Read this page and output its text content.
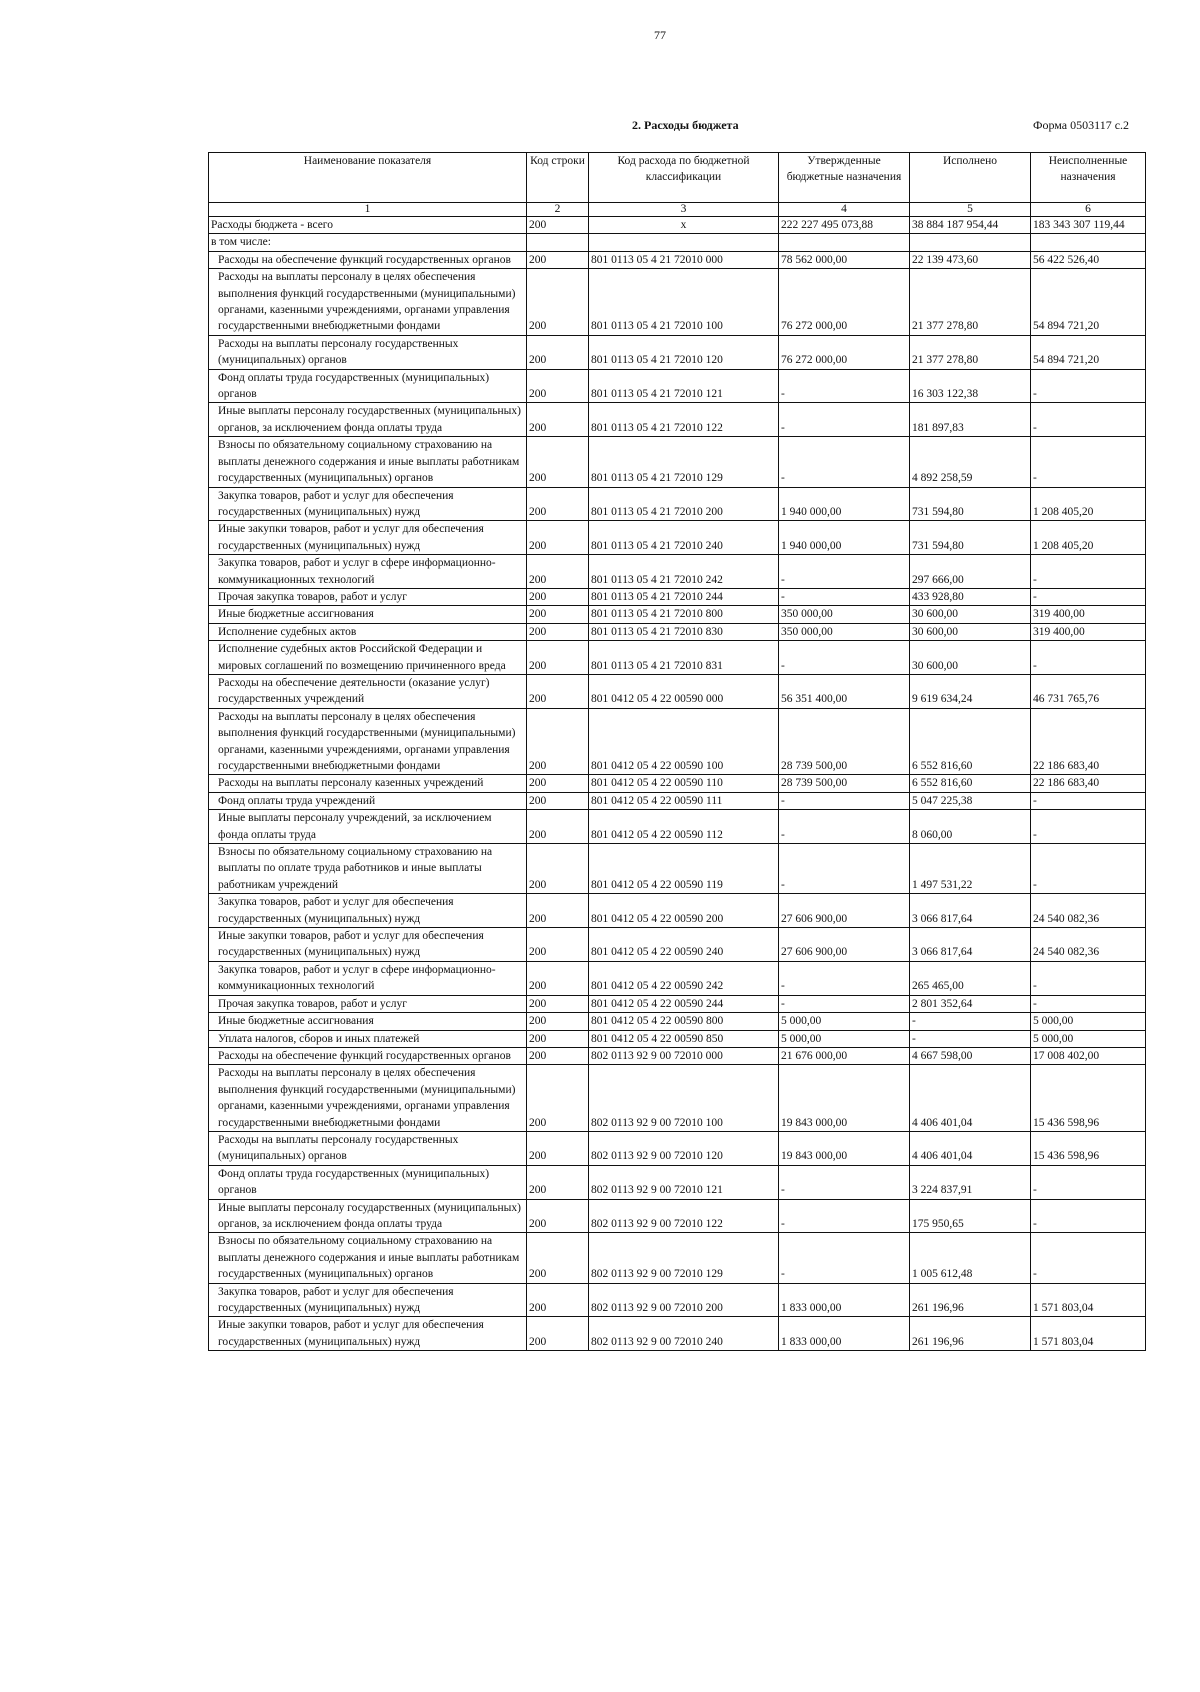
77
2. Расходы бюджета	Форма 0503117 с.2
Наименование показателя	Код строки	Код расхода по бюджетной классификации	Утвержденные бюджетные назначения	Исполнено	Неисполненные назначения
1	2	3	4	5	6
Расходы бюджета - всего	200	x	222 227 495 073,88	38 884 187 954,44	183 343 307 119,44
в том числе:					
Расходы на обеспечение функций государственных органов	200	801 0113 05 4 21 72010 000	78 562 000,00	22 139 473,60	56 422 526,40
Расходы на выплаты персоналу в целях обеспечения выполнения функций государственными (муниципальными) органами, казенными учреждениями, органами управления государственными внебюджетными фондами	200	801 0113 05 4 21 72010 100	76 272 000,00	21 377 278,80	54 894 721,20
Расходы на выплаты персоналу государственных (муниципальных) органов	200	801 0113 05 4 21 72010 120	76 272 000,00	21 377 278,80	54 894 721,20
Фонд оплаты труда государственных (муниципальных) органов	200	801 0113 05 4 21 72010 121	-	16 303 122,38	-
Иные выплаты персоналу государственных (муниципальных) органов, за исключением фонда оплаты труда	200	801 0113 05 4 21 72010 122	-	181 897,83	-
Взносы по обязательному социальному страхованию на выплаты денежного содержания и иные выплаты работникам государственных (муниципальных) органов	200	801 0113 05 4 21 72010 129	-	4 892 258,59	-
Закупка товаров, работ и услуг для обеспечения государственных (муниципальных) нужд	200	801 0113 05 4 21 72010 200	1 940 000,00	731 594,80	1 208 405,20
Иные закупки товаров, работ и услуг для обеспечения государственных (муниципальных) нужд	200	801 0113 05 4 21 72010 240	1 940 000,00	731 594,80	1 208 405,20
Закупка товаров, работ и услуг в сфере информационно-коммуникационных технологий	200	801 0113 05 4 21 72010 242	-	297 666,00	-
Прочая закупка товаров, работ и услуг	200	801 0113 05 4 21 72010 244	-	433 928,80	-
Иные бюджетные ассигнования	200	801 0113 05 4 21 72010 800	350 000,00	30 600,00	319 400,00
Исполнение судебных актов	200	801 0113 05 4 21 72010 830	350 000,00	30 600,00	319 400,00
Исполнение судебных актов Российской Федерации и мировых соглашений по возмещению причиненного вреда	200	801 0113 05 4 21 72010 831	-	30 600,00	-
Расходы на обеспечение деятельности (оказание услуг) государственных учреждений	200	801 0412 05 4 22 00590 000	56 351 400,00	9 619 634,24	46 731 765,76
Расходы на выплаты персоналу в целях обеспечения выполнения функций государственными (муниципальными) органами, казенными учреждениями, органами управления государственными внебюджетными фондами	200	801 0412 05 4 22 00590 100	28 739 500,00	6 552 816,60	22 186 683,40
Расходы на выплаты персоналу казенных учреждений	200	801 0412 05 4 22 00590 110	28 739 500,00	6 552 816,60	22 186 683,40
Фонд оплаты труда учреждений	200	801 0412 05 4 22 00590 111	-	5 047 225,38	-
Иные выплаты персоналу учреждений, за исключением фонда оплаты труда	200	801 0412 05 4 22 00590 112	-	8 060,00	-
Взносы по обязательному социальному страхованию на выплаты по оплате труда работников и иные выплаты работникам учреждений	200	801 0412 05 4 22 00590 119	-	1 497 531,22	-
Закупка товаров, работ и услуг для обеспечения государственных (муниципальных) нужд	200	801 0412 05 4 22 00590 200	27 606 900,00	3 066 817,64	24 540 082,36
Иные закупки товаров, работ и услуг для обеспечения государственных (муниципальных) нужд	200	801 0412 05 4 22 00590 240	27 606 900,00	3 066 817,64	24 540 082,36
Закупка товаров, работ и услуг в сфере информационно-коммуникационных технологий	200	801 0412 05 4 22 00590 242	-	265 465,00	-
Прочая закупка товаров, работ и услуг	200	801 0412 05 4 22 00590 244	-	2 801 352,64	-
Иные бюджетные ассигнования	200	801 0412 05 4 22 00590 800	5 000,00	-	5 000,00
Уплата налогов, сборов и иных платежей	200	801 0412 05 4 22 00590 850	5 000,00	-	5 000,00
Расходы на обеспечение функций государственных органов	200	802 0113 92 9 00 72010 000	21 676 000,00	4 667 598,00	17 008 402,00
Расходы на выплаты персоналу в целях обеспечения выполнения функций государственными (муниципальными) органами, казенными учреждениями, органами управления государственными внебюджетными фондами	200	802 0113 92 9 00 72010 100	19 843 000,00	4 406 401,04	15 436 598,96
Расходы на выплаты персоналу государственных (муниципальных) органов	200	802 0113 92 9 00 72010 120	19 843 000,00	4 406 401,04	15 436 598,96
Фонд оплаты труда государственных (муниципальных) органов	200	802 0113 92 9 00 72010 121	-	3 224 837,91	-
Иные выплаты персоналу государственных (муниципальных) органов, за исключением фонда оплаты труда	200	802 0113 92 9 00 72010 122	-	175 950,65	-
Взносы по обязательному социальному страхованию на выплаты денежного содержания и иные выплаты работникам государственных (муниципальных) органов	200	802 0113 92 9 00 72010 129	-	1 005 612,48	-
Закупка товаров, работ и услуг для обеспечения государственных (муниципальных) нужд	200	802 0113 92 9 00 72010 200	1 833 000,00	261 196,96	1 571 803,04
Иные закупки товаров, работ и услуг для обеспечения государственных (муниципальных) нужд	200	802 0113 92 9 00 72010 240	1 833 000,00	261 196,96	1 571 803,04
